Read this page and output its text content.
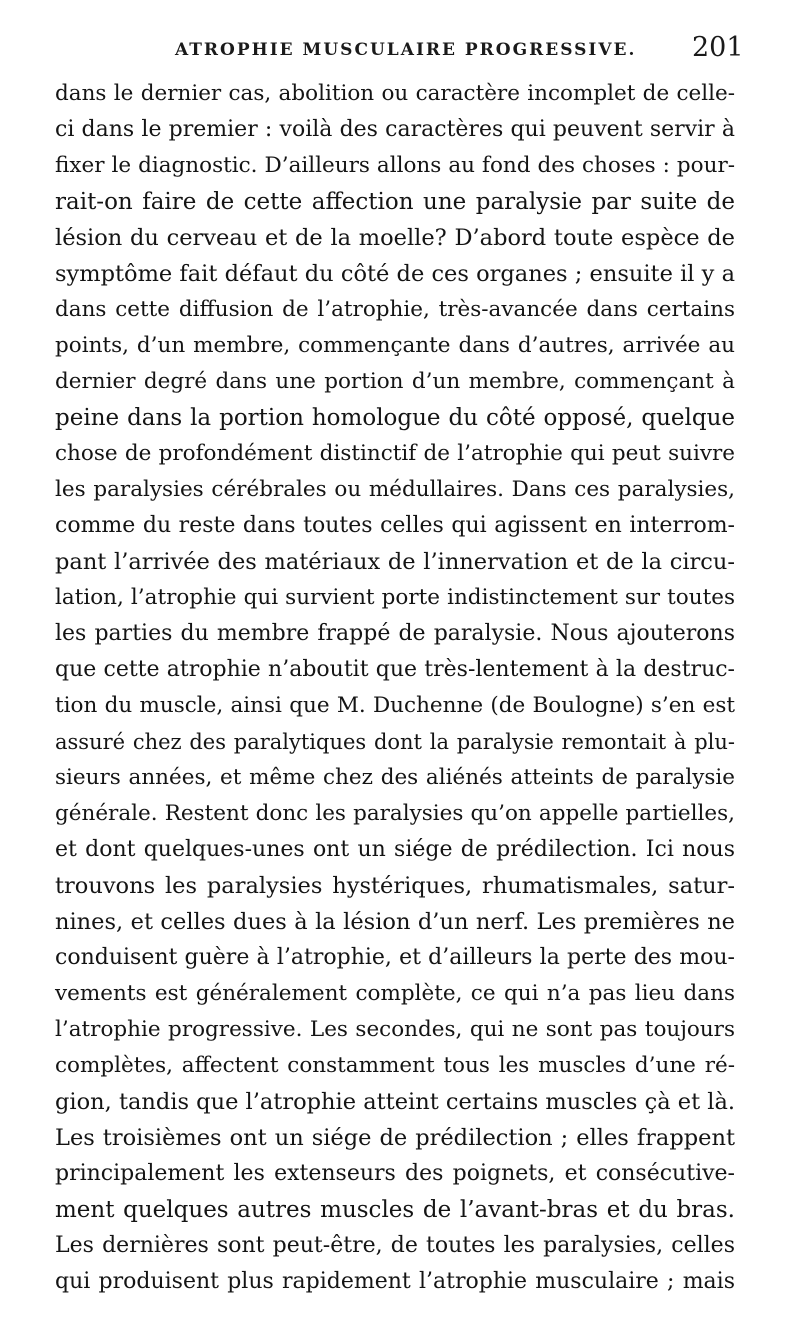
ATROPHIE MUSCULAIRE PROGRESSIVE. 201
dans le dernier cas, abolition ou caractère incomplet de celle-
ci dans le premier : voilà des caractères qui peuvent servir à
fixer le diagnostic. D’ailleurs allons au fond des choses : pour-
rait-on faire de cette affection une paralysie par suite de
lésion du cerveau et de la moelle? D’abord toute espèce de
symptôme fait défaut du côté de ces organes ; ensuite il y a
dans cette diffusion de l’atrophie, très-avancée dans certains
points, d’un membre, commençante dans d’autres, arrivée au
dernier degré dans une portion d’un membre, commençant à
peine dans la portion homologue du côté opposé, quelque
chose de profondément distinctif de l’atrophie qui peut suivre
les paralysies cérébrales ou médullaires. Dans ces paralysies,
comme du reste dans toutes celles qui agissent en interrom-
pant l’arrivée des matériaux de l’innervation et de la circu-
lation, l’atrophie qui survient porte indistinctement sur toutes
les parties du membre frappé de paralysie. Nous ajouterons
que cette atrophie n’aboutit que très-lentement à la destruc-
tion du muscle, ainsi que M. Duchenne (de Boulogne) s’en est
assuré chez des paralytiques dont la paralysie remontait à plu-
sieurs années, et même chez des aliénés atteints de paralysie
générale. Restent donc les paralysies qu’on appelle partielles,
et dont quelques-unes ont un siége de prédilection. Ici nous
trouvons les paralysies hystériques, rhumatismales, satur-
nines, et celles dues à la lésion d’un nerf. Les premières ne
conduisent guère à l’atrophie, et d’ailleurs la perte des mou-
vements est généralement complète, ce qui n’a pas lieu dans
l’atrophie progressive. Les secondes, qui ne sont pas toujours
complètes, affectent constamment tous les muscles d’une ré-
gion, tandis que l’atrophie atteint certains muscles çà et là.
Les troisièmes ont un siége de prédilection ; elles frappent
principalement les extenseurs des poignets, et consécutive-
ment quelques autres muscles de l’avant-bras et du bras.
Les dernières sont peut-être, de toutes les paralysies, celles
qui produisent plus rapidement l’atrophie musculaire ; mais
